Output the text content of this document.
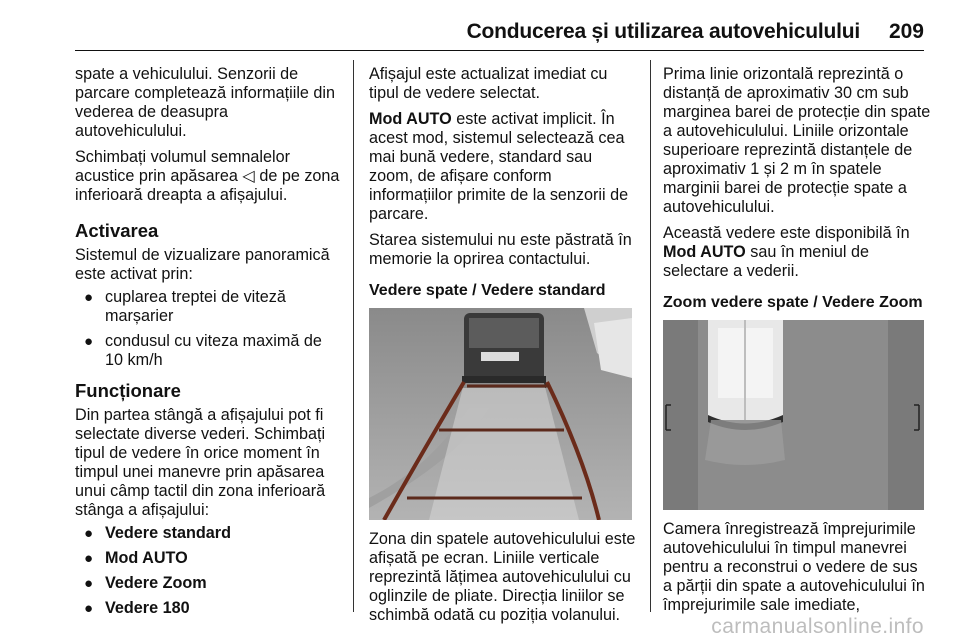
Conducerea și utilizarea autovehiculului 209

spate a vehiculului. Senzorii de parcare completează informațiile din vederea de deasupra autovehiculului.

Schimbați volumul semnalelor acustice prin apăsarea ◁ de pe zona inferioară dreapta a afișajului.

Activarea

Sistemul de vizualizare panoramică este activat prin:

● cuplarea treptei de viteză marșarier
● condusul cu viteza maximă de 10 km/h
Funcționare

Din partea stângă a afișajului pot fi selectate diverse vederi. Schimbați tipul de vedere în orice moment în timpul unei manevre prin apăsarea unui câmp tactil din zona inferioară stânga a afișajului:

● Vedere standard
● Mod AUTO
● Vedere Zoom
● Vedere 180

Afișajul este actualizat imediat cu tipul de vedere selectat.

Mod AUTO este activat implicit. În acest mod, sistemul selectează cea mai bună vedere, standard sau zoom, de afișare conform informațiilor primite de la senzorii de parcare.

Starea sistemului nu este păstrată în memorie la oprirea contactului.

Vedere spate / Vedere standard

Zona din spatele autovehiculului este afișată pe ecran. Liniile verticale reprezintă lățimea autovehiculului cu oglinzile de pliate. Direcția liniilor se schimbă odată cu poziția volanului.

Prima linie orizontală reprezintă o distanță de aproximativ 30 cm sub marginea barei de protecție din spate a autovehiculului. Liniile orizontale superioare reprezintă distanțele de aproximativ 1 și 2 m în spatele marginii barei de protecție spate a autovehiculului.

Această vedere este disponibilă în Mod AUTO sau în meniul de selectare a vederii.

Zoom vedere spate / Vedere Zoom

Camera înregistrează împrejurimile autovehiculului în timpul manevrei pentru a reconstrui o vedere de sus a părții din spate a autovehiculului în împrejurimile sale imediate,

carmanualsonline.info
